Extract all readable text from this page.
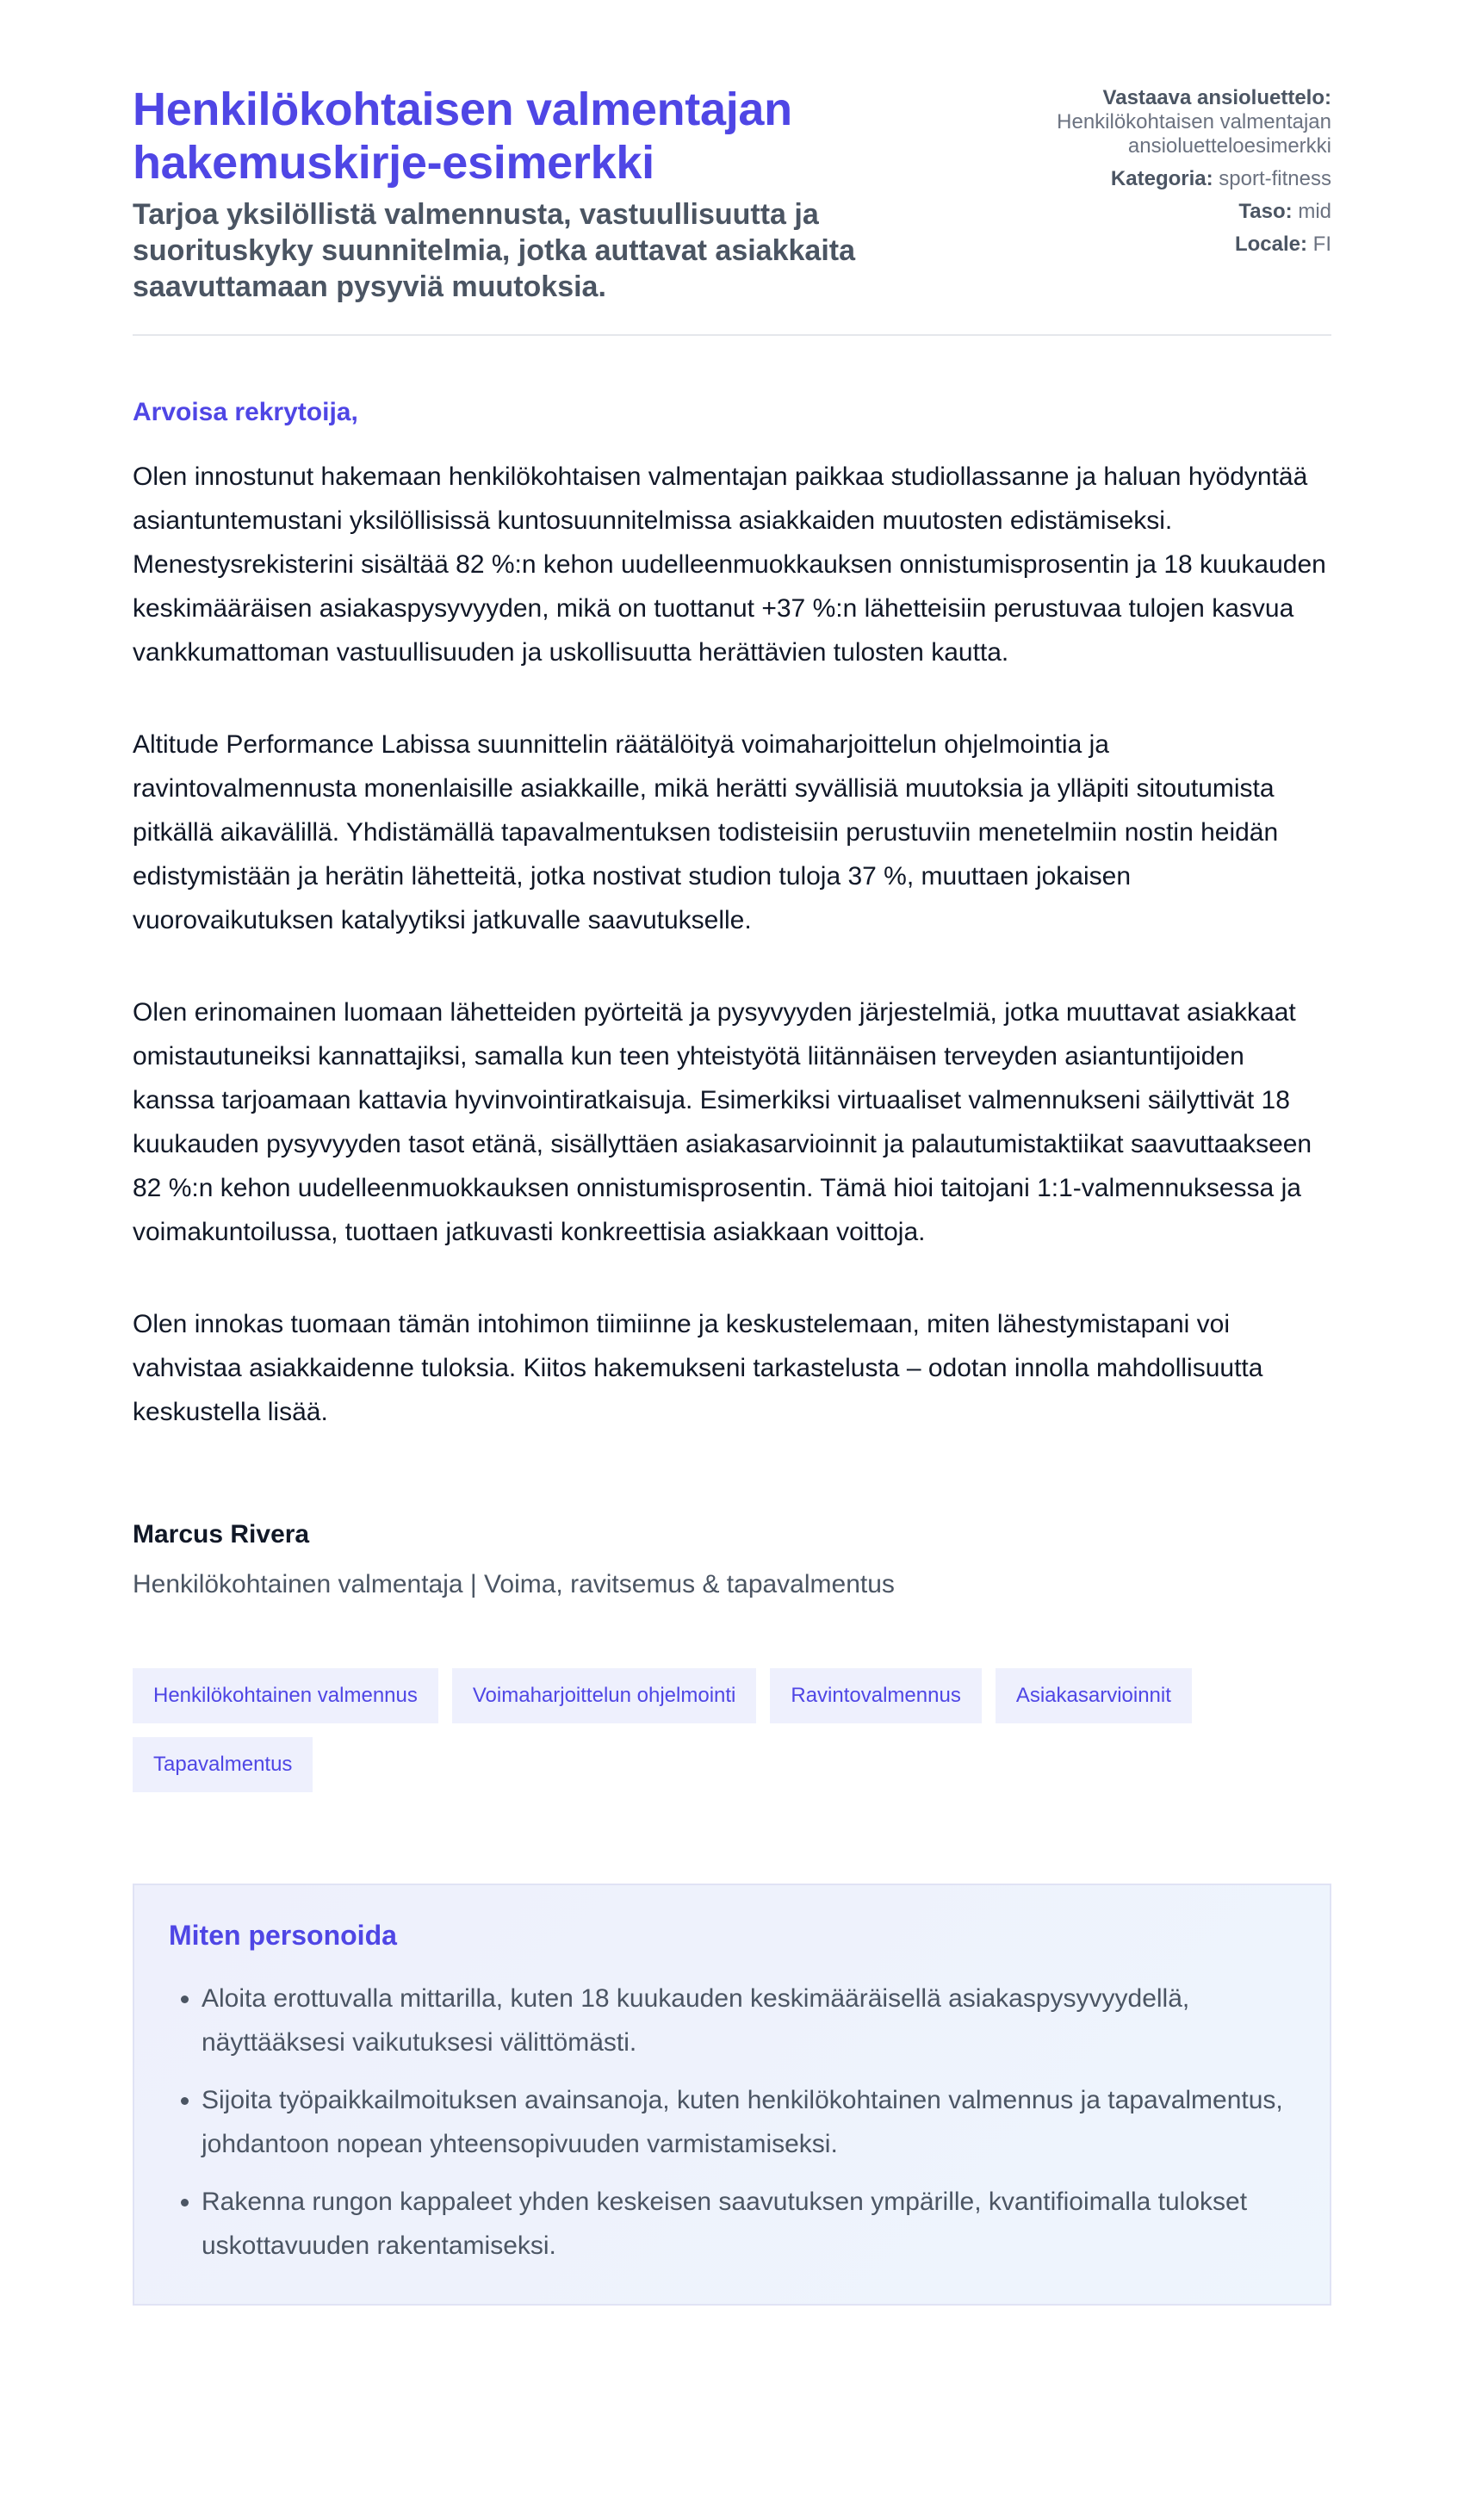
Henkilökohtaisen valmentajan hakemuskirje-esimerkki
Tarjoa yksilöllistä valmennusta, vastuullisuutta ja suorituskyky suunnitelmia, jotka auttavat asiakkaita saavuttamaan pysyviä muutoksia.
Vastaava ansioluettelo:
Henkilökohtaisen valmentajan ansioluetteloesimerkki
Kategoria: sport-fitness
Taso: mid
Locale: FI

Arvoisa rekrytoija,

Olen innostunut hakemaan henkilökohtaisen valmentajan paikkaa studiollassanne ja haluan hyödyntää asiantuntemustani yksilöllisissä kuntosuunnitelmissa asiakkaiden muutosten edistämiseksi. Menestysrekisterini sisältää 82 %:n kehon uudelleenmuokkauksen onnistumisprosentin ja 18 kuukauden keskimääräisen asiakaspysyvyyden, mikä on tuottanut +37 %:n lähetteisiin perustuvaa tulojen kasvua vankkumattoman vastuullisuuden ja uskollisuutta herättävien tulosten kautta.

Altitude Performance Labissa suunnittelin räätälöityä voimaharjoittelun ohjelmointia ja ravintovalmennusta monenlaisille asiakkaille, mikä herätti syvällisiä muutoksia ja ylläpiti sitoutumista pitkällä aikavälillä. Yhdistämällä tapavalmentuksen todisteisiin perustuviin menetelmiin nostin heidän edistymistään ja herätin lähetteitä, jotka nostivat studion tuloja 37 %, muuttaen jokaisen vuorovaikutuksen katalyytiksi jatkuvalle saavutukselle.

Olen erinomainen luomaan lähetteiden pyörteitä ja pysyvyyden järjestelmiä, jotka muuttavat asiakkaat omistautuneiksi kannattajiksi, samalla kun teen yhteistyötä liitännäisen terveyden asiantuntijoiden kanssa tarjoamaan kattavia hyvinvointiratkaisuja. Esimerkiksi virtuaaliset valmennukseni säilyttivät 18 kuukauden pysyvyyden tasot etänä, sisällyttäen asiakasarvioinnit ja palautumistaktiikat saavuttaakseen 82 %:n kehon uudelleenmuokkauksen onnistumisprosentin. Tämä hioi taitojani 1:1-valmennuksessa ja voimakuntoilussa, tuottaen jatkuvasti konkreettisia asiakkaan voittoja.

Olen innokas tuomaan tämän intohimon tiimiinne ja keskustelemaan, miten lähestymistapani voi vahvistaa asiakkaidenne tuloksia. Kiitos hakemukseni tarkastelusta – odotan innolla mahdollisuutta keskustella lisää.

Marcus Rivera

Henkilökohtainen valmentaja | Voima, ravitsemus & tapavalmentus

Henkilökohtainen valmennus	Voimaharjoittelun ohjelmointi	Ravintovalmennus	Asiakasarvioinnit
Tapavalmentus
Miten personoida
• Aloita erottuvalla mittarilla, kuten 18 kuukauden keskimääräisellä asiakaspysyvyydellä, näyttääksesi vaikutuksesi välittömästi.
• Sijoita työpaikkailmoituksen avainsanoja, kuten henkilökohtainen valmennus ja tapavalmentus, johdantoon nopean yhteensopivuuden varmistamiseksi.
• Rakenna rungon kappaleet yhden keskeisen saavutuksen ympärille, kvantifioimalla tulokset uskottavuuden rakentamiseksi.
